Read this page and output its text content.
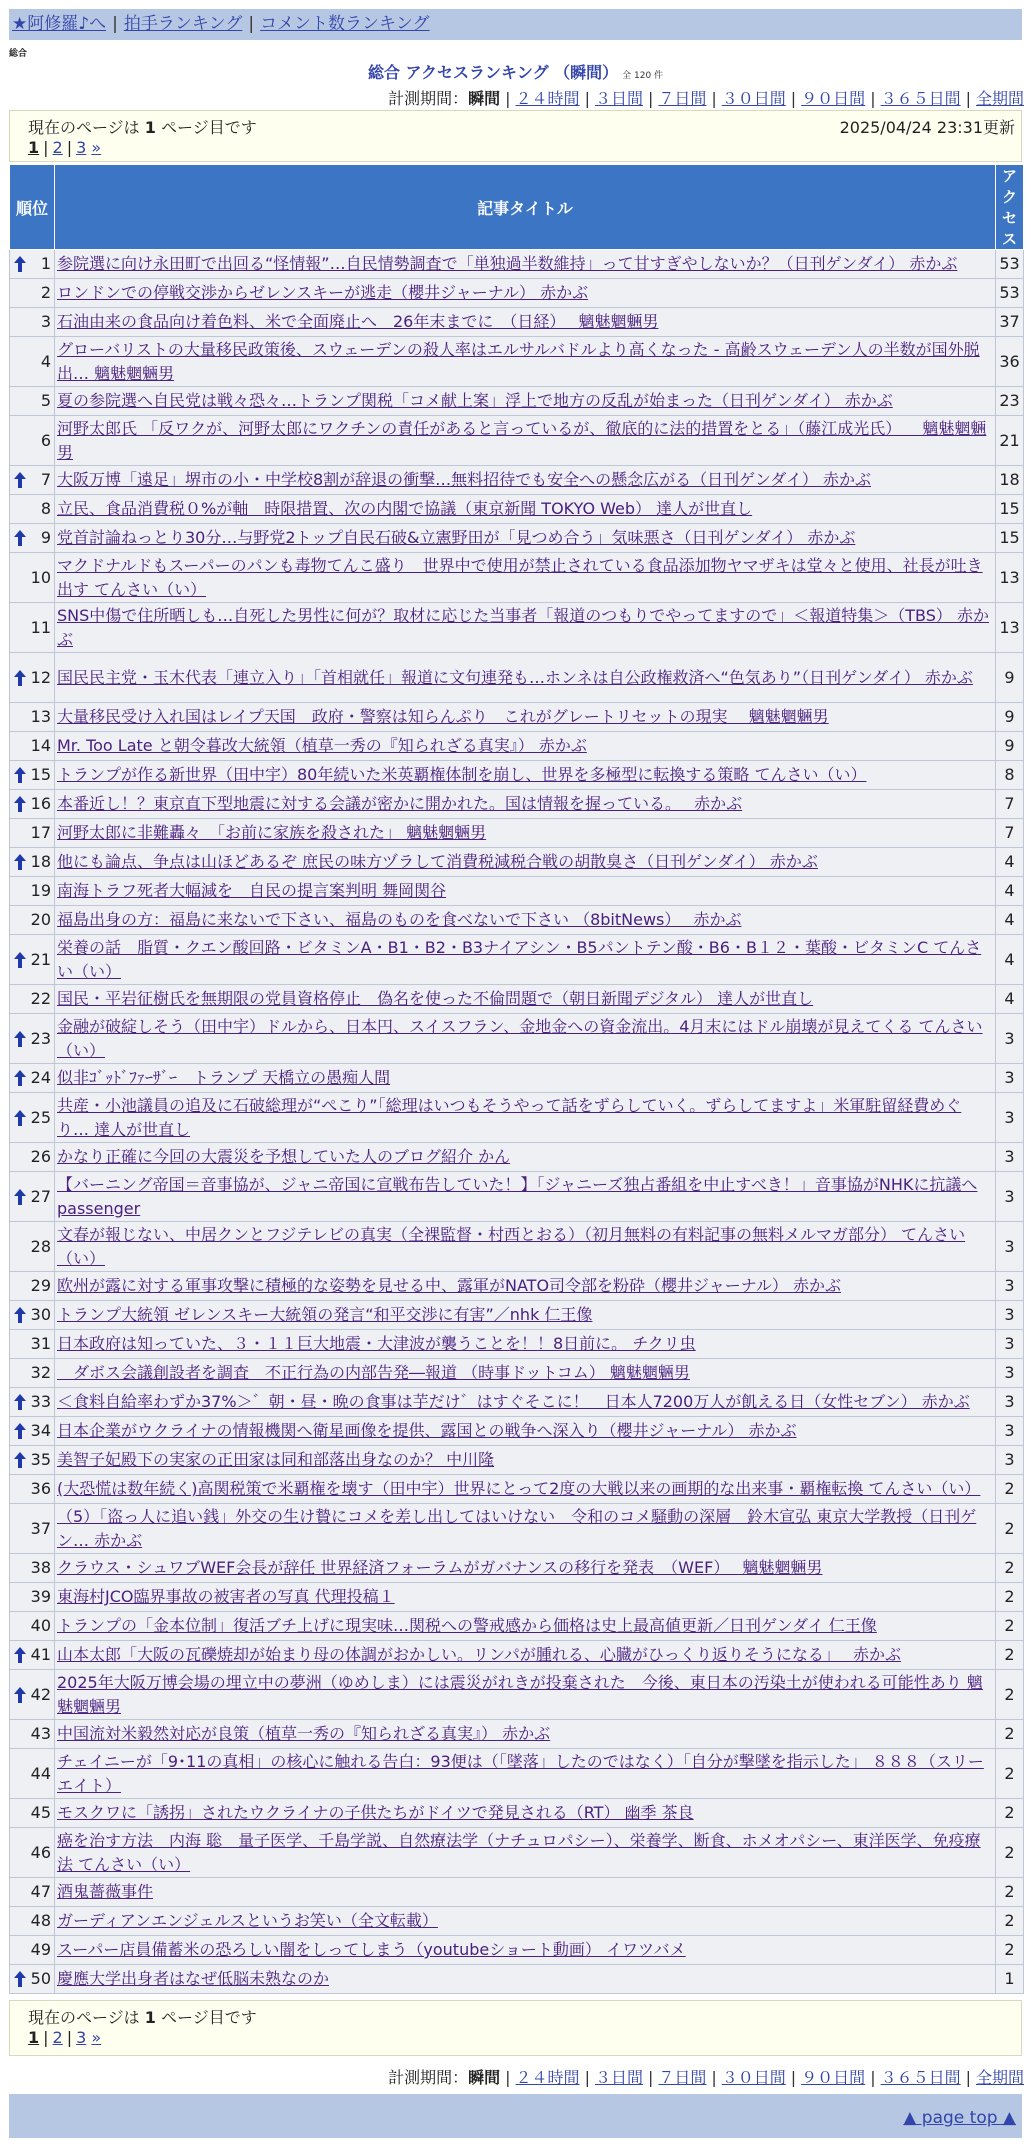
★阿修羅♪へ | 拍手ランキング | コメント数ランキング
総合
総合 アクセスランキング （瞬間） 全 120 件
計測期間：瞬間 | ２４時間 | ３日間 | ７日間 | ３０日間 | ９０日間 | ３６５日間 | 全期間
現在のページは 1 ページ目です	2025/04/24 23:31更新
1 | 2 | 3 »
順位	記事タイトル	アクセス

1	参院選に向け永田町で出回る“怪情報”…自民情勢調査で「単独過半数維持」って甘すぎやしないか？（日刊ゲンダイ） 赤かぶ	53
2	ロンドンでの停戦交渉からゼレンスキーが逃走（櫻井ジャーナル） 赤かぶ	53
3	石油由来の食品向け着色料、米で全面廃止へ　26年末までに　（日経）　 魑魅魍魎男	37
4	グローバリストの大量移民政策後、スウェーデンの殺人率はエルサルバドルより高くなった - 高齢スウェーデン人の半数が国外脱出… 魑魅魍魎男	36
5	夏の参院選へ自民党は戦々恐々…トランプ関税「コメ献上案」浮上で地方の反乱が始まった（日刊ゲンダイ） 赤かぶ	23
6	河野太郎氏 「反ワクが、河野太郎にワクチンの責任があると言っているが、徹底的に法的措置をとる」（藤江成光氏） 　魑魅魍魎男	21

7	大阪万博「遠足」堺市の小・中学校8割が辞退の衝撃…無料招待でも安全への懸念広がる（日刊ゲンダイ） 赤かぶ	18
8	立民、食品消費税０%が軸　時限措置、次の内閣で協議（東京新聞 TOKYO Web） 達人が世直し	15

9	党首討論ねっとり30分…与野党2トップ自民石破&立憲野田が「見つめ合う」気味悪さ（日刊ゲンダイ） 赤かぶ	15
10	マクドナルドもスーパーのパンも毒物てんこ盛り　世界中で使用が禁止されている食品添加物ヤマザキは堂々と使用、社長が吐き出す てんさい（い）	13
11	SNS中傷で住所晒しも…自死した男性に何が？取材に応じた当事者「報道のつもりでやってますので」＜報道特集＞（TBS） 赤かぶ	13

12	国民民主党・玉木代表「連立入り」「首相就任」報道に文句連発も…ホンネは自公政権救済へ“色気あり”（日刊ゲンダイ） 赤かぶ	9
13	大量移民受け入れ国はレイプ天国　政府・警察は知らんぷり　これがグレートリセットの現実　 魑魅魍魎男	9
14	Mr. Too Late と朝令暮改大統領（植草一秀の『知られざる真実』） 赤かぶ	9

15	トランプが作る新世界（田中宇）80年続いた米英覇権体制を崩し、世界を多極型に転換する策略 てんさい（い）	8

16	本番近し！？東京直下型地震に対する会議が密かに開かれた。国は情報を握っている。　 赤かぶ	7
17	河野太郎に非難轟々　「お前に家族を殺された」 魑魅魍魎男	7

18	他にも論点、争点は山ほどあるぞ 庶民の味方ヅラして消費税減税合戦の胡散臭さ（日刊ゲンダイ） 赤かぶ	4
19	南海トラフ死者大幅減を　自民の提言案判明 舞岡関谷	4
20	福島出身の方：福島に来ないで下さい、福島のものを食べないで下さい （8bitNews）　 赤かぶ	4

21	栄養の話　脂質・クエン酸回路・ビタミンA・B1・B2・B3ナイアシン・B5パントテン酸・B6・B１２・葉酸・ビタミンC てんさい（い）	4
22	国民・平岩征樹氏を無期限の党員資格停止　偽名を使った不倫問題で（朝日新聞デジタル） 達人が世直し	4

23	金融が破綻しそう（田中宇）ドルから、日本円、スイスフラン、金地金への資金流出。4月末にはドル崩壊が見えてくる てんさい（い）	3

24	似非ｺﾞｯﾄﾞﾌｧｰｻﾞｰ　トランプ 天橋立の愚痴人間	3

25	共産・小池議員の追及に石破総理が“ぺこり”「総理はいつもそうやって話をずらしていく。ずらしてますよ」米軍駐留経費めぐり… 達人が世直し	3
26	かなり正確に今回の大震災を予想していた人のブログ紹介 かん	3

27	【バーニング帝国＝音事協が、ジャニ帝国に宣戦布告していた！】「ジャニーズ独占番組を中止すべき！」音事協がNHKに抗議へ passenger	3
28	文春が報じない、中居クンとフジテレビの真実（全裸監督・村西とおる）（初月無料の有料記事の無料メルマガ部分） てんさい（い）	3
29	欧州が露に対する軍事攻撃に積極的な姿勢を見せる中、露軍がNATO司令部を粉砕（櫻井ジャーナル） 赤かぶ	3

30	トランプ大統領 ゼレンスキー大統領の発言“和平交渉に有害”／nhk 仁王像	3
31	日本政府は知っていた、３・１１巨大地震・大津波が襲うことを！！8日前に。 チクリ虫	3
32	　ダボス会議創設者を調査　不正行為の内部告発―報道 （時事ドットコム） 魑魅魍魎男	3

33	＜食料自給率わずか37%＞゛朝・昼・晩の食事は芋だけ゛はすぐそこに！　日本人7200万人が飢える日（女性セブン） 赤かぶ	3

34	日本企業がウクライナの情報機関へ衛星画像を提供、露国との戦争へ深入り（櫻井ジャーナル） 赤かぶ	3

35	美智子妃殿下の実家の正田家は同和部落出身なのか？ 中川隆	3
36	(大恐慌は数年続く)高関税策で米覇権を壊す（田中宇）世界にとって2度の大戦以来の画期的な出来事・覇権転換 てんさい（い）	2
37	（5）「盗っ人に追い銭」外交の生け贄にコメを差し出してはいけない　令和のコメ騒動の深層　鈴木宣弘 東京大学教授（日刊ゲン… 赤かぶ	2
38	クラウス・シュワブWEF会長が辞任 世界経済フォーラムがガバナンスの移行を発表　（WEF）　 魑魅魍魎男	2
39	東海村JCO臨界事故の被害者の写真 代理投稿１	2
40	トランプの「金本位制」復活ブチ上げに現実味…関税への警戒感から価格は史上最高値更新／日刊ゲンダイ 仁王像	2

41	山本太郎「大阪の瓦礫焼却が始まり母の体調がおかしい。リンパが腫れる、心臓がひっくり返りそうになる」　 赤かぶ	2

42	2025年大阪万博会場の埋立中の夢洲（ゆめしま）には震災がれきが投棄された　今後、東日本の汚染土が使われる可能性あり 魑魅魍魎男	2
43	中国流対米毅然対応が良策（植草一秀の『知られざる真実』） 赤かぶ	2
44	チェイニーが「9･11の真相」の核心に触れる告白：93便は（「墜落」したのではなく）「自分が撃墜を指示した」 ８８８（スリーエイト）	2
45	モスクワに「誘拐」されたウクライナの子供たちがドイツで発見される（RT） 幽季 茶良	2
46	癌を治す方法　内海 聡　量子医学、千島学説、自然療法学（ナチュロパシー）、栄養学、断食、ホメオパシー、東洋医学、免疫療法 てんさい（い）	2
47	酒鬼薔薇事件	2
48	ガーディアンエンジェルスというお笑い（全文転載）	2
49	スーパー店員備蓄米の恐ろしい闇をしってしまう（youtubeショート動画） イワツバメ	2

50	慶應大学出身者はなぜ低脳未熟なのか	1
現在のページは 1 ページ目です
1 | 2 | 3 »
計測期間：瞬間 | ２４時間 | ３日間 | ７日間 | ３０日間 | ９０日間 | ３６５日間 | 全期間
▲ page top ▲
